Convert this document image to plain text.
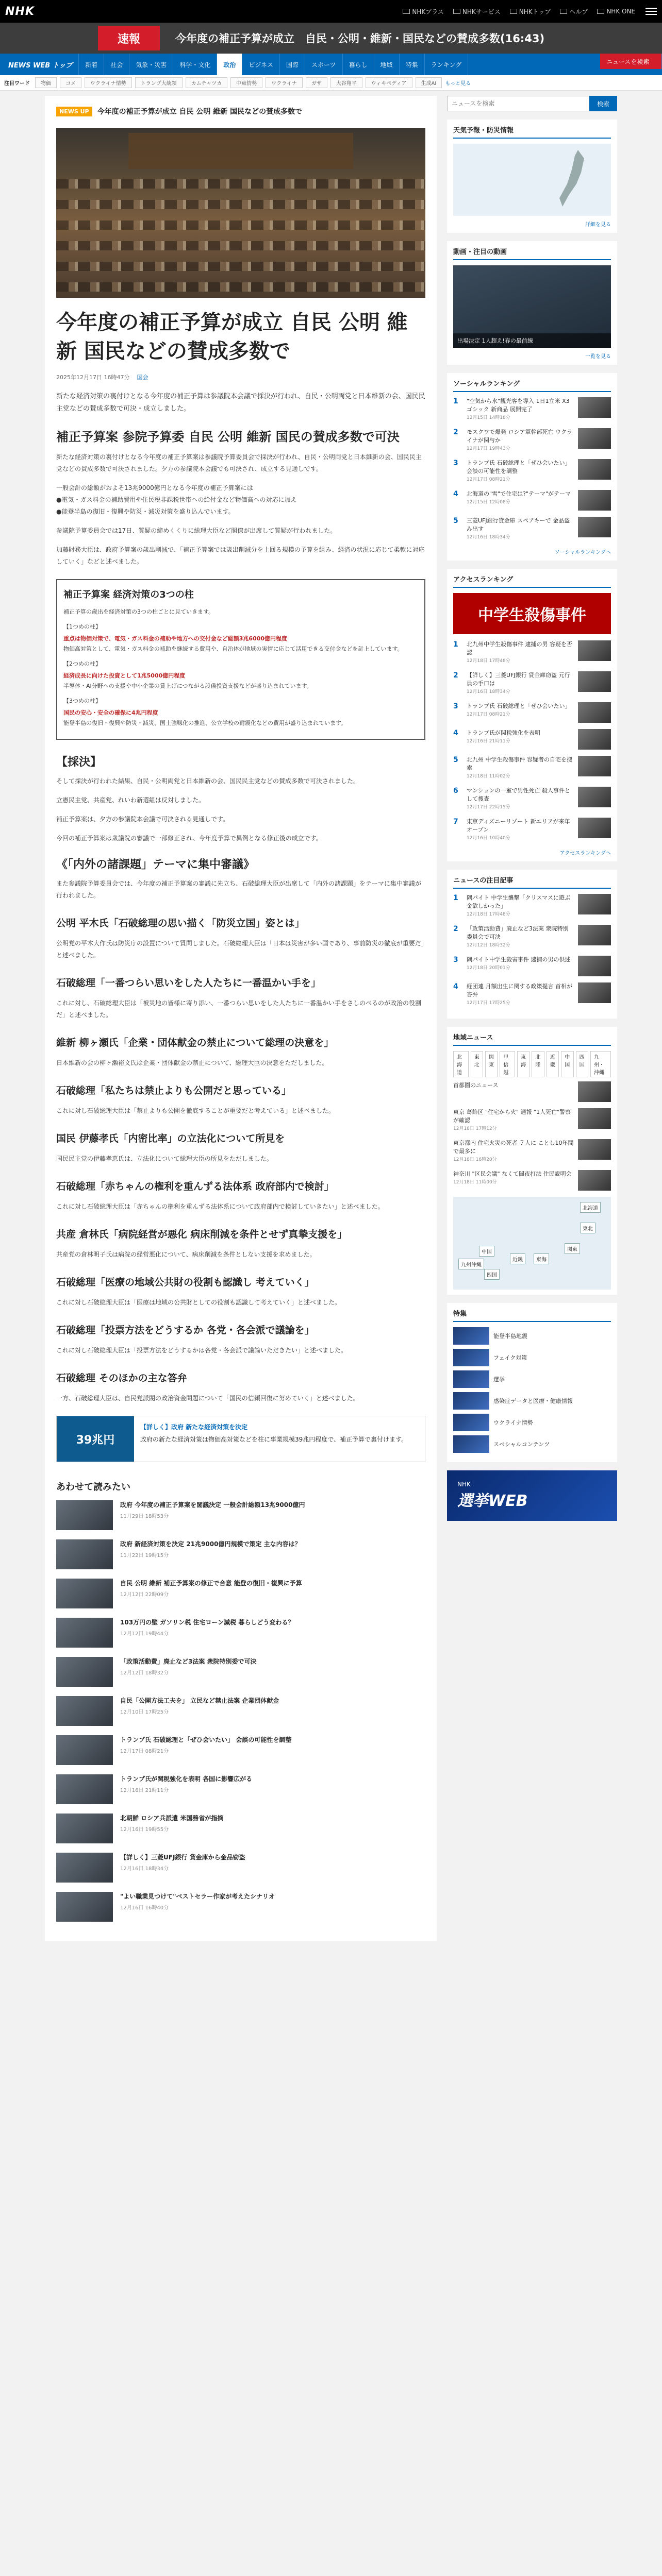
NHK	NHKプラス	NHKサービス	NHKトップ	ヘルプ	NHK ONE
速報	今年度の補正予算が成立　自民・公明・維新・国民などの賛成多数(16:43)
NEWS WEB トップ	新着	社会	気象・災害	科学・文化	政治	ビジネス	国際	スポーツ	暮らし	地域	特集	ランキング	ニュースを検索
注目ワード	物価	コメ	ウクライナ情勢	トランプ大統領	カムチャツカ	中東情勢	ウクライナ	ガザ	大谷翔平	ウィキペディア	生成AI	もっと見る
NEWS UP	今年度の補正予算が成立 自民 公明 維新 国民などの賛成多数で
今年度の補正予算が成立 自民 公明 維新 国民などの賛成多数で
2025年12月17日 16時47分 国会

新たな経済対策の裏付けとなる今年度の補正予算は参議院本会議で採決が行われ、自民・公明両党と日本維新の会、国民民主党などの賛成多数で可決・成立しました。

補正予算案 参院予算委 自民 公明 維新 国民の賛成多数で可決

新たな経済対策の裏付けとなる今年度の補正予算案は参議院予算委員会で採決が行われ、自民・公明両党と日本維新の会、国民民主党などの賛成多数で可決されました。夕方の参議院本会議でも可決され、成立する見通しです。

一般会計の総額がおよそ13兆9000億円となる今年度の補正予算案には
●電気・ガス料金の補助費用や住民税非課税世帯への給付金など物価高への対応に加え
●能登半島の復旧・復興や防災・減災対策を盛り込んでいます。

参議院予算委員会では17日、質疑の締めくくりに総理大臣など閣僚が出席して質疑が行われました。

加藤財務大臣は、政府予算案の歳出削減で、「補正予算案では歳出削減分を上回る規模の予算を組み、経済の状況に応じて柔軟に対応していく」などと述べました。

補正予算案 経済対策の3つの柱
補正予算の歳出を経済対策の3つの柱ごとに見ていきます。
【1つめの柱】
重点は物価対策で、電気・ガス料金の補助や地方への交付金など総額3兆6000億円程度
物価高対策として、電気・ガス料金の補助を継続する費用や、自治体が地域の実情に応じて活用できる交付金などを計上しています。
【2つめの柱】
経済成長に向けた投資として1兆5000億円程度
半導体・AI分野への支援や中小企業の賃上げにつながる設備投資支援などが盛り込まれています。
【3つめの柱】
国民の安心・安全の確保に4兆円程度
能登半島の復旧・復興や防災・減災、国土強靱化の推進、公立学校の耐震化などの費用が盛り込まれています。
【採決】

そして採決が行われた結果、自民・公明両党と日本維新の会、国民民主党などの賛成多数で可決されました。

立憲民主党、共産党、れいわ新選組は反対しました。

補正予算案は、夕方の参議院本会議で可決される見通しです。

今回の補正予算案は衆議院の審議で一部修正され、今年度予算で異例となる修正後の成立です。

《「内外の諸課題」テーマに集中審議》

また参議院予算委員会では、今年度の補正予算案の審議に先立ち、石破総理大臣が出席して「内外の諸課題」をテーマに集中審議が行われました。

公明 平木氏「石破総理の思い描く「防災立国」姿とは」

公明党の平木大作氏は防災庁の設置について質問しました。石破総理大臣は「日本は災害が多い国であり、事前防災の徹底が重要だ」と述べました。

石破総理「一番つらい思いをした人たちに一番温かい手を」

これに対し、石破総理大臣は「被災地の皆様に寄り添い、一番つらい思いをした人たちに一番温かい手をさしのべるのが政治の役割だ」と述べました。

維新 柳ヶ瀬氏「企業・団体献金の禁止について総理の決意を」

日本維新の会の柳ヶ瀬裕文氏は企業・団体献金の禁止について、総理大臣の決意をただしました。

石破総理「私たちは禁止よりも公開だと思っている」

これに対し石破総理大臣は「禁止よりも公開を徹底することが重要だと考えている」と述べました。

国民 伊藤孝氏「内密比率」の立法化について所見を

国民民主党の伊藤孝恵氏は、立法化について総理大臣の所見をただしました。

石破総理「赤ちゃんの権利を重んずる法体系 政府部内で検討」

これに対し石破総理大臣は「赤ちゃんの権利を重んずる法体系について政府部内で検討していきたい」と述べました。

共産 倉林氏「病院経営が悪化 病床削減を条件とせず真摯支援を」

共産党の倉林明子氏は病院の経営悪化について、病床削減を条件としない支援を求めました。

石破総理「医療の地域公共財の役割も認識し 考えていく」

これに対し石破総理大臣は「医療は地域の公共財としての役割も認識して考えていく」と述べました。

石破総理「投票方法をどうするか 各党・各会派で議論を」

これに対し石破総理大臣は「投票方法をどうするかは各党・各会派で議論いただきたい」と述べました。

石破総理 そのほかの主な答弁

一方、石破総理大臣は、自民党派閥の政治資金問題について「国民の信頼回復に努めていく」と述べました。

39兆円
【詳しく】政府 新たな経済対策を決定
政府の新たな経済対策は物価高対策などを柱に事業規模39兆円程度で、補正予算で裏付けます。
あわせて読みたい
政府 今年度の補正予算案を閣議決定 一般会計総額13兆9000億円
11月29日 18時53分
政府 新経済対策を決定 21兆9000億円規模で策定 主な内容は？
11月22日 19時15分
自民 公明 維新 補正予算案の修正で合意 能登の復旧・復興に予算
12月12日 22時09分
103万円の壁 ガソリン税 住宅ローン減税 暮らしどう変わる？
12月12日 19時44分
「政策活動費」廃止など3法案 衆院特別委で可決
12月12日 18時32分
自民「公開方法工夫を」 立民など禁止法案 企業団体献金
12月10日 17時25分
トランプ氏 石破総理と「ぜひ会いたい」 会談の可能性を調整
12月17日 08時21分
トランプ氏が関税強化を表明 各国に影響広がる
12月16日 21時11分
北朝鮮 ロシア兵派遣 米国務省が指摘
12月16日 19時55分
【詳しく】三菱UFJ銀行 貸金庫から金品窃盗
12月16日 18時34分
"よい職業見つけて"ベストセラー作家が考えたシナリオ
12月16日 16時40分
ニュースを検索
検索
天気予報・防災情報
詳細を見る
動画・注目の動画
出場決定 1人超え!春の最前線
一覧を見る
ソーシャルランキング
1	"空気から水"観光客を導入 1日1立米 X3ゴシック 新商品 展開完了
12月15日 14時18分
2	モスクワで爆発 ロシア軍幹部死亡 ウクライナが関与か
12月17日 19時43分
3	トランプ氏 石破総理と「ぜひ会いたい」 会談の可能性を調整
12月17日 08時21分
4	北海道の"雪"で住宅は?"テーマ"がテーマ
12月15日 12時08分
5	三菱UFJ銀行貸金庫 スペアキーで 金品盗み出す
12月16日 18時34分
ソーシャルランキングへ
アクセスランキング
中学生殺傷事件
1	北九州中学生殺傷事件 逮捕の男 容疑を否認
12月18日 17時48分
2	【詳しく】三菱UFJ銀行 貸金庫窃盗 元行員の手口は
12月16日 18時34分
3	トランプ氏 石破総理と「ぜひ会いたい」
12月17日 08時21分
4	トランプ氏が関税強化を表明
12月16日 21時11分
5	北九州 中学生殺傷事件 容疑者の自宅を捜索
12月18日 11時02分
6	マンションの一室で男性死亡 殺人事件として捜査
12月17日 22時15分
7	東京ディズニーリゾート 新エリアが来年オープン
12月16日 10時40分
アクセスランキングへ
ニュースの注目記事
1	隅パイト 中学生襲撃「クリスマスに遊ぶ金欲しかった」
12月18日 17時48分
2	「政策活動費」廃止など3法案 衆院特別委員会で可決
12月12日 18時32分
3	隅パイト中学生殺害事件 逮捕の男の供述
12月18日 20時01分
4	経団連 月額出生に関する政策提言 首相が答弁
12月17日 17時25分
地域ニュース
北海道
東北
関東
甲信越
東海
北陸
近畿
中国
四国
九州・沖縄
首都圏のニュース
東京 葛飾区 "住宅から火" 通報 "1人死亡"警察が確認
12月18日 17時12分
東京都内 住宅火災の死者 ７人に ことし10年間で最多に
12月18日 16時20分
神奈川 "区民会議" なくて闇夜打法 住民説明会
12月18日 11時00分
北海道
東北
関東
東海
近畿
中国
四国
九州沖縄
特集
能登半島地震
フェイク対策
選挙
感染症データと医療・健康情報
ウクライナ情勢
スペシャルコンテンツ
NHK
選挙WEB
